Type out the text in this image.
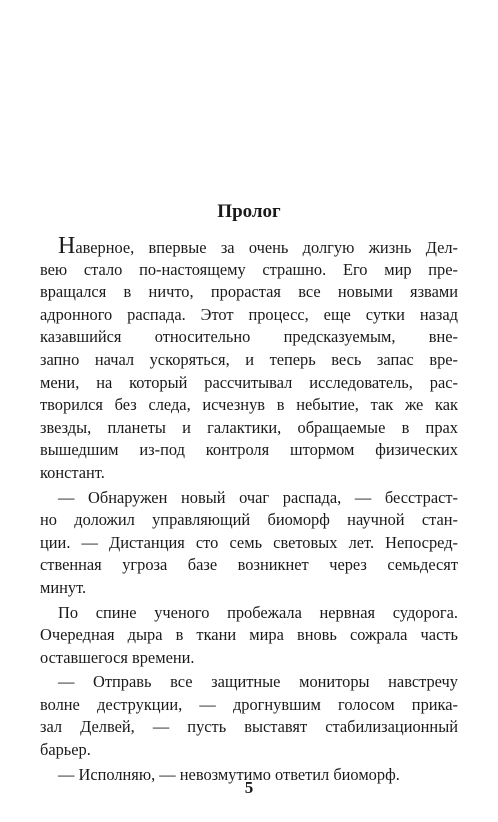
Пролог
Наверное, впервые за очень долгую жизнь Дел-
вею стало по-настоящему страшно. Его мир пре-
вращался в ничто, прорастая все новыми язвами
адронного распада. Этот процесс, еще сутки назад
казавшийся относительно предсказуемым, вне-
запно начал ускоряться, и теперь весь запас вре-
мени, на который рассчитывал исследователь, рас-
творился без следа, исчезнув в небытие, так же как
звезды, планеты и галактики, обращаемые в прах
вышедшим из-под контроля штормом физических
констант.
— Обнаружен новый очаг распада, — бесстраст-
но доложил управляющий биоморф научной стан-
ции. — Дистанция сто семь световых лет. Непосред-
ственная угроза базе возникнет через семьдесят
минут.
По спине ученого пробежала нервная судорога.
Очередная дыра в ткани мира вновь сожрала часть
оставшегося времени.
— Отправь все защитные мониторы навстречу
волне деструкции, — дрогнувшим голосом прика-
зал Делвей, — пусть выставят стабилизационный
барьер.
— Исполняю, — невозмутимо ответил биоморф.
5
